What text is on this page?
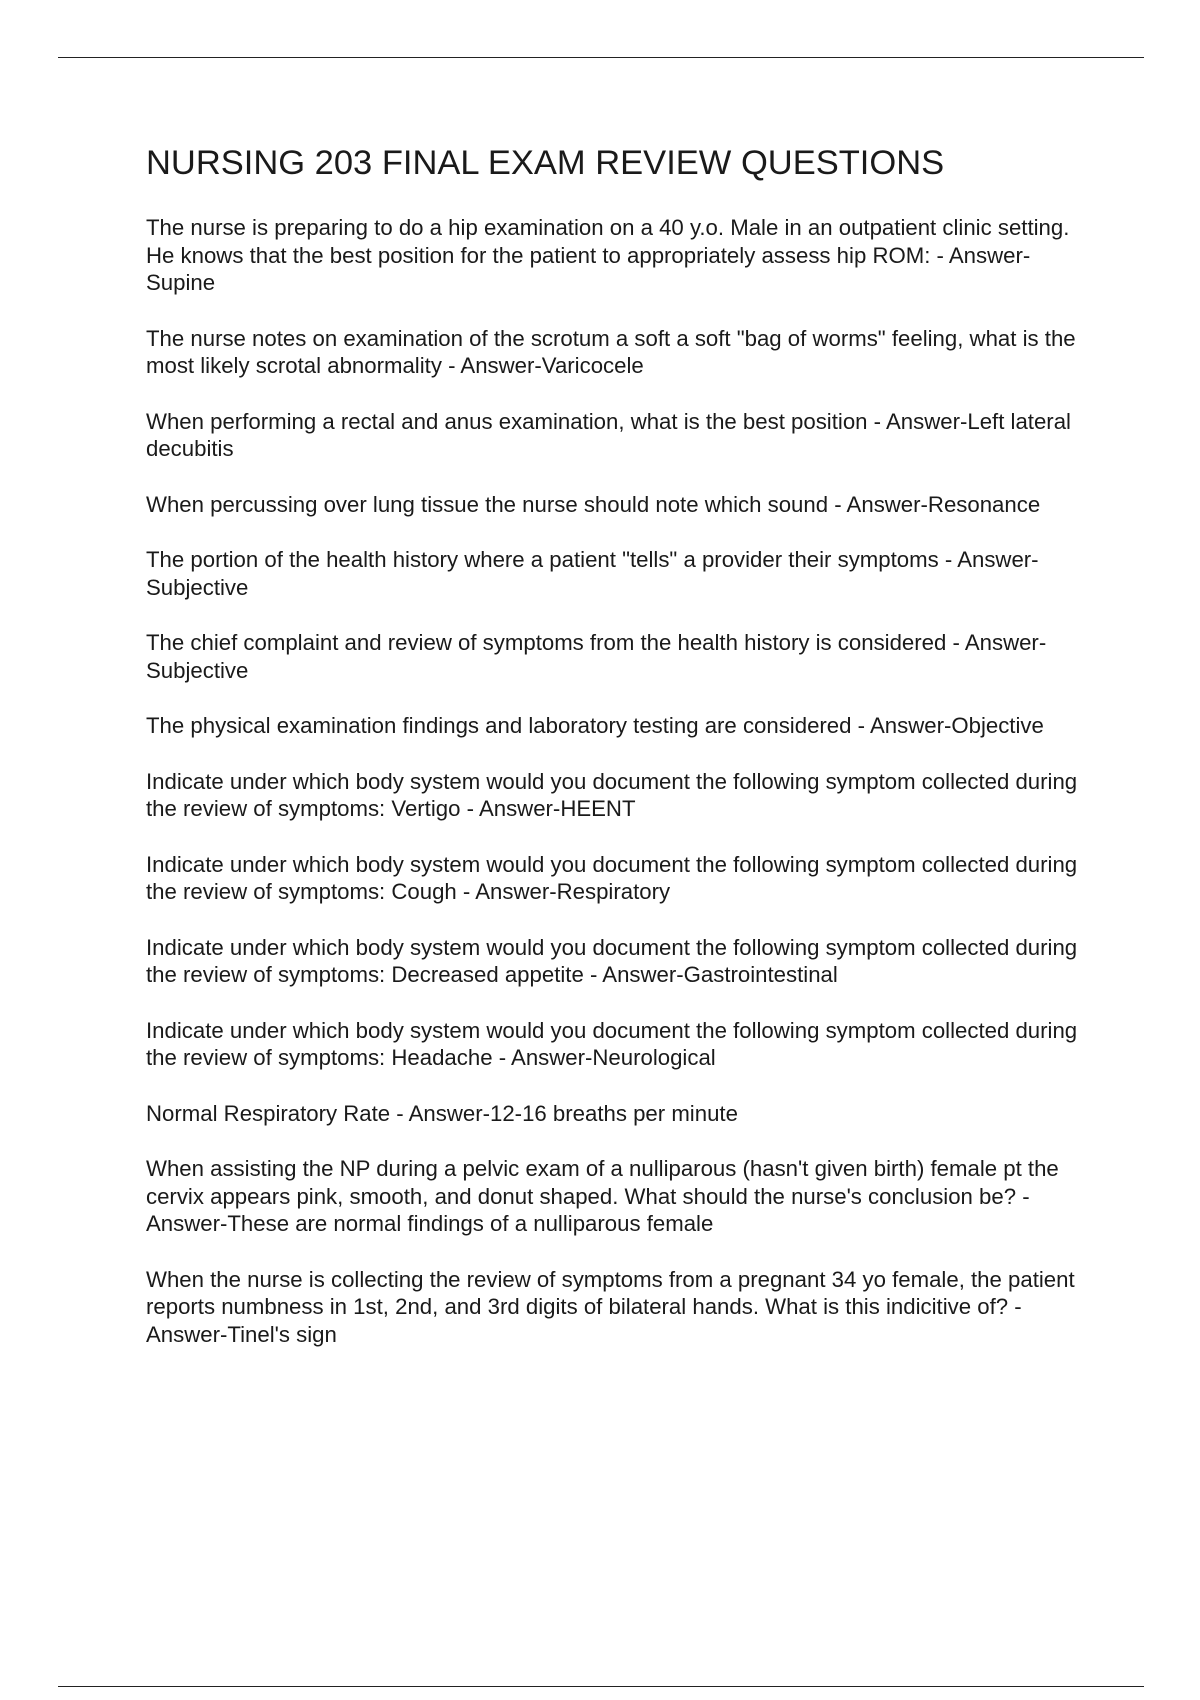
NURSING 203 FINAL EXAM REVIEW QUESTIONS
The nurse is preparing to do a hip examination on a 40 y.o. Male in an outpatient clinic setting. He knows that the best position for the patient to appropriately assess hip ROM: - Answer-Supine
The nurse notes on examination of the scrotum a soft a soft "bag of worms" feeling, what is the most likely scrotal abnormality - Answer-Varicocele
When performing a rectal and anus examination, what is the best position - Answer-Left lateral decubitis
When percussing over lung tissue the nurse should note which sound - Answer-Resonance
The portion of the health history where a patient "tells" a provider their symptoms - Answer-Subjective
The chief complaint and review of symptoms from the health history is considered - Answer-Subjective
The physical examination findings and laboratory testing are considered - Answer-Objective
Indicate under which body system would you document the following symptom collected during the review of symptoms: Vertigo - Answer-HEENT
Indicate under which body system would you document the following symptom collected during the review of symptoms: Cough - Answer-Respiratory
Indicate under which body system would you document the following symptom collected during the review of symptoms: Decreased appetite - Answer-Gastrointestinal
Indicate under which body system would you document the following symptom collected during the review of symptoms: Headache - Answer-Neurological
Normal Respiratory Rate - Answer-12-16 breaths per minute
When assisting the NP during a pelvic exam of a nulliparous (hasn't given birth) female pt the cervix appears pink, smooth, and donut shaped. What should the nurse's conclusion be? - Answer-These are normal findings of a nulliparous female
When the nurse is collecting the review of symptoms from a pregnant 34 yo female, the patient reports numbness in 1st, 2nd, and 3rd digits of bilateral hands. What is this indicitive of? - Answer-Tinel's sign
